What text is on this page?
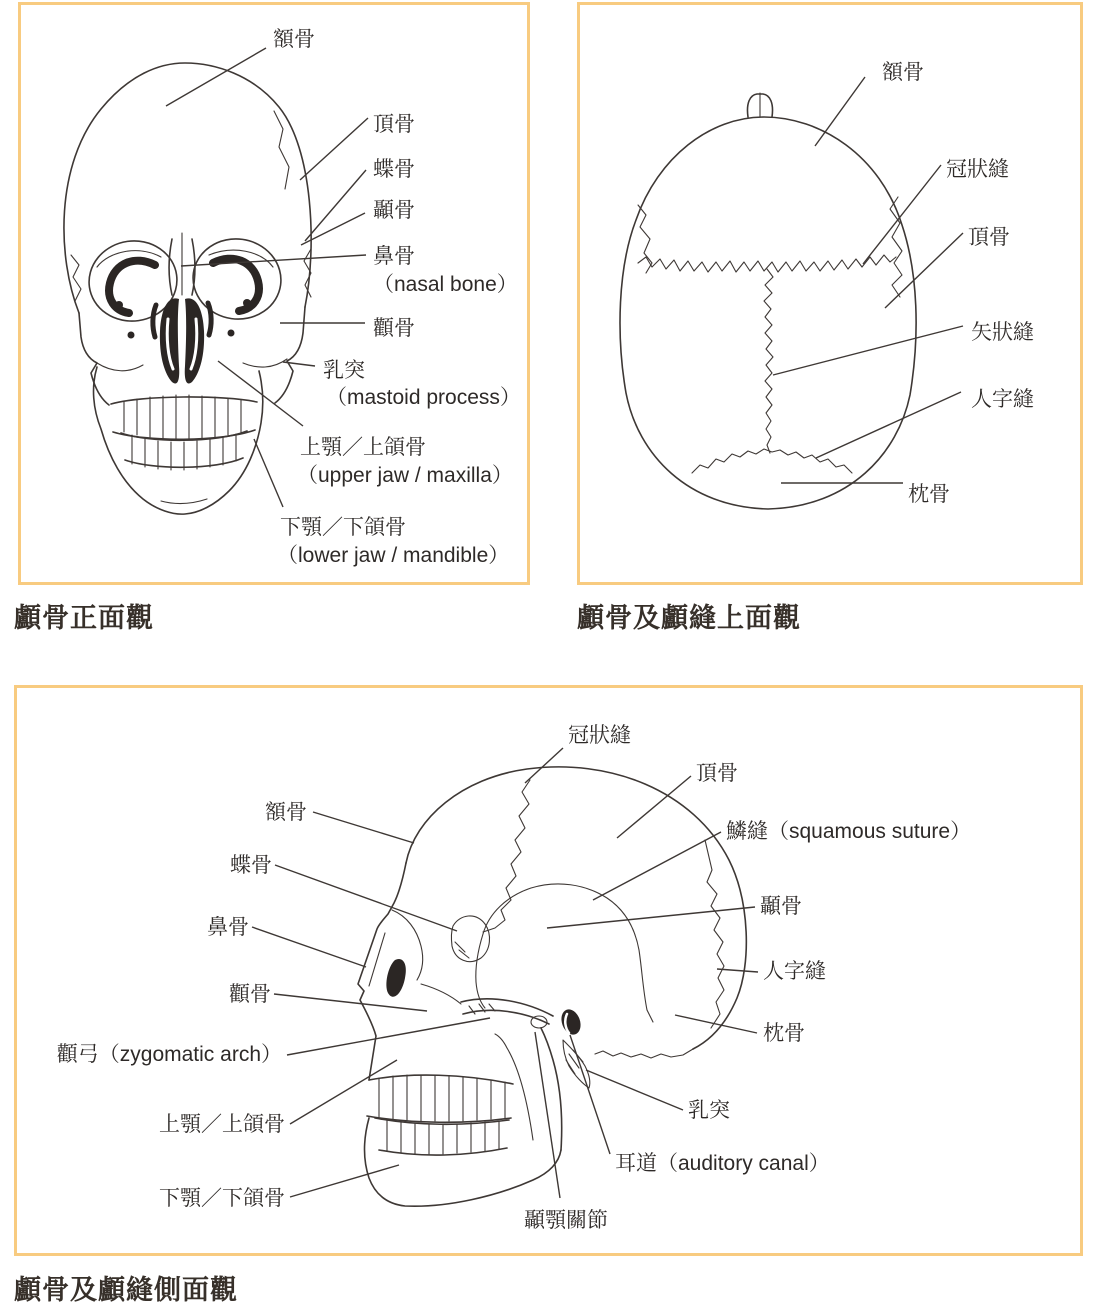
額骨
頂骨
蝶骨
顳骨
鼻骨
（nasal bone）
顴骨
乳突
（mastoid process）
上顎／上頜骨
（upper jaw / maxilla）
下顎／下頜骨
（lower jaw / mandible）
額骨
冠狀縫
頂骨
矢狀縫
人字縫
枕骨
顱骨正面觀	顱骨及顱縫上面觀
冠狀縫
額骨
蝶骨
鼻骨
顴骨
顴弓（zygomatic arch）
上顎／上頜骨
下顎／下頜骨
頂骨
鱗縫（squamous suture）
顳骨
人字縫
枕骨
乳突
耳道（auditory canal）
顳顎關節
顱骨及顱縫側面觀
